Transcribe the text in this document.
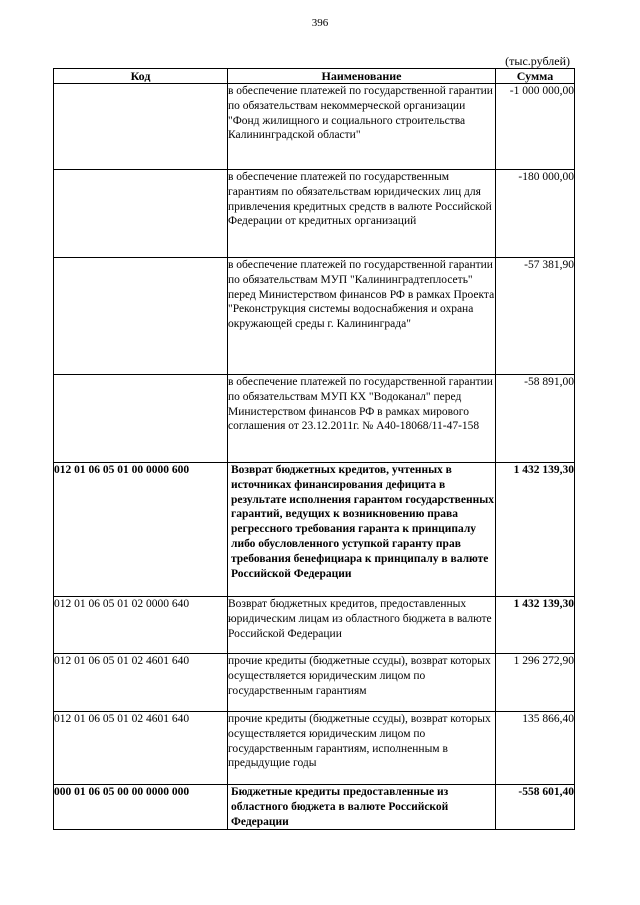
396
(тыс.рублей)
Код	Наименование	Сумма
	в обеспечение платежей по государственной гарантии по обязательствам некоммерческой организации "Фонд жилищного и социального строительства Калининградской области"	-1 000 000,00
	в обеспечение платежей по государственным гарантиям по обязательствам юридических лиц для привлечения кредитных средств в валюте Российской Федерации от кредитных организаций	-180 000,00
	в обеспечение платежей по государственной гарантии по обязательствам МУП "Калининградтеплосеть" перед Министерством финансов РФ в рамках Проекта "Реконструкция системы водоснабжения и охрана окружающей среды г. Калининграда"	-57 381,90
	в обеспечение платежей по государственной гарантии по обязательствам МУП КХ "Водоканал" перед Министерством финансов РФ в рамках мирового соглашения от 23.12.2011г. № А40-18068/11-47-158	-58 891,00
012 01 06 05 01 00 0000 600	Возврат бюджетных кредитов, учтенных в источниках финансирования дефицита в результате исполнения гарантом государственных гарантий, ведущих к возникновению права регрессного требования гаранта к принципалу либо обусловленного уступкой гаранту прав требования бенефициара к принципалу в валюте Российской Федерации	1 432 139,30
012 01 06 05 01 02 0000 640	Возврат бюджетных кредитов, предоставленных юридическим лицам из областного бюджета в валюте Российской Федерации	1 432 139,30
012 01 06 05 01 02 4601 640	прочие кредиты (бюджетные ссуды), возврат которых осуществляется юридическим лицом по государственным гарантиям	1 296 272,90
012 01 06 05 01 02 4601 640	прочие кредиты (бюджетные ссуды), возврат которых осуществляется юридическим лицом по государственным гарантиям, исполненным в предыдущие годы	135 866,40
000 01 06 05 00 00 0000 000	Бюджетные кредиты предоставленные из областного бюджета в валюте Российской Федерации	-558 601,40
